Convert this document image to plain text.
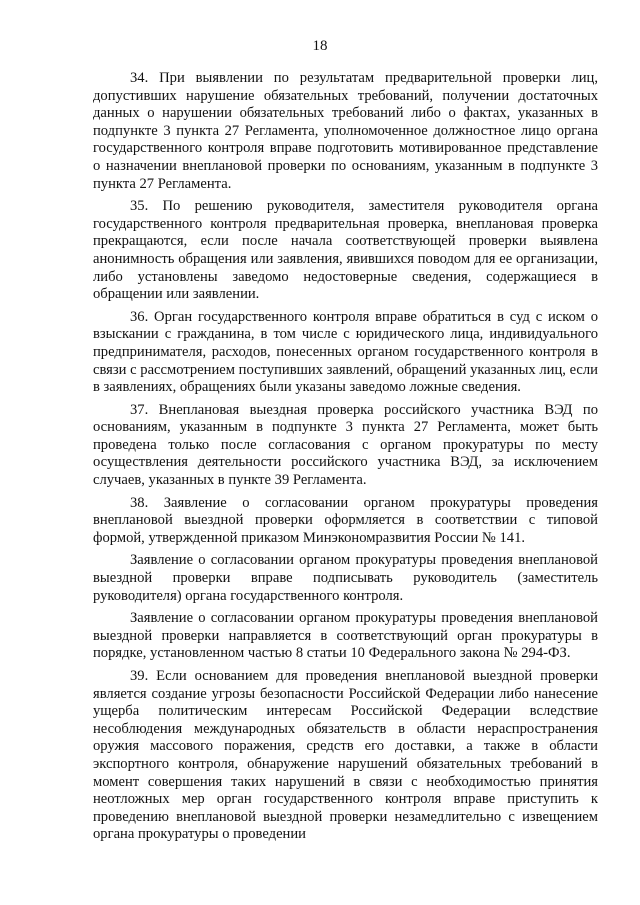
18

34. При выявлении по результатам предварительной проверки лиц, допустивших нарушение обязательных требований, получении достаточных данных о нарушении обязательных требований либо о фактах, указанных в подпункте 3 пункта 27 Регламента, уполномоченное должностное лицо органа государственного контроля вправе подготовить мотивированное представление о назначении внеплановой проверки по основаниям, указанным в подпункте 3 пункта 27 Регламента.

35. По решению руководителя, заместителя руководителя органа государственного контроля предварительная проверка, внеплановая проверка прекращаются, если после начала соответствующей проверки выявлена анонимность обращения или заявления, явившихся поводом для ее организации, либо установлены заведомо недостоверные сведения, содержащиеся в обращении или заявлении.

36. Орган государственного контроля вправе обратиться в суд с иском о взыскании с гражданина, в том числе с юридического лица, индивидуального предпринимателя, расходов, понесенных органом государственного контроля в связи с рассмотрением поступивших заявлений, обращений указанных лиц, если в заявлениях, обращениях были указаны заведомо ложные сведения.

37. Внеплановая выездная проверка российского участника ВЭД по основаниям, указанным в подпункте 3 пункта 27 Регламента, может быть проведена только после согласования с органом прокуратуры по месту осуществления деятельности российского участника ВЭД, за исключением случаев, указанных в пункте 39 Регламента.

38. Заявление о согласовании органом прокуратуры проведения внеплановой выездной проверки оформляется в соответствии с типовой формой, утвержденной приказом Минэкономразвития России № 141.

Заявление о согласовании органом прокуратуры проведения внеплановой выездной проверки вправе подписывать руководитель (заместитель руководителя) органа государственного контроля.

Заявление о согласовании органом прокуратуры проведения внеплановой выездной проверки направляется в соответствующий орган прокуратуры в порядке, установленном частью 8 статьи 10 Федерального закона № 294-ФЗ.

39. Если основанием для проведения внеплановой выездной проверки является создание угрозы безопасности Российской Федерации либо нанесение ущерба политическим интересам Российской Федерации вследствие несоблюдения международных обязательств в области нераспространения оружия массового поражения, средств его доставки, а также в области экспортного контроля, обнаружение нарушений обязательных требований в момент совершения таких нарушений в связи с необходимостью принятия неотложных мер орган государственного контроля вправе приступить к проведению внеплановой выездной проверки незамедлительно с извещением органа прокуратуры о проведении
